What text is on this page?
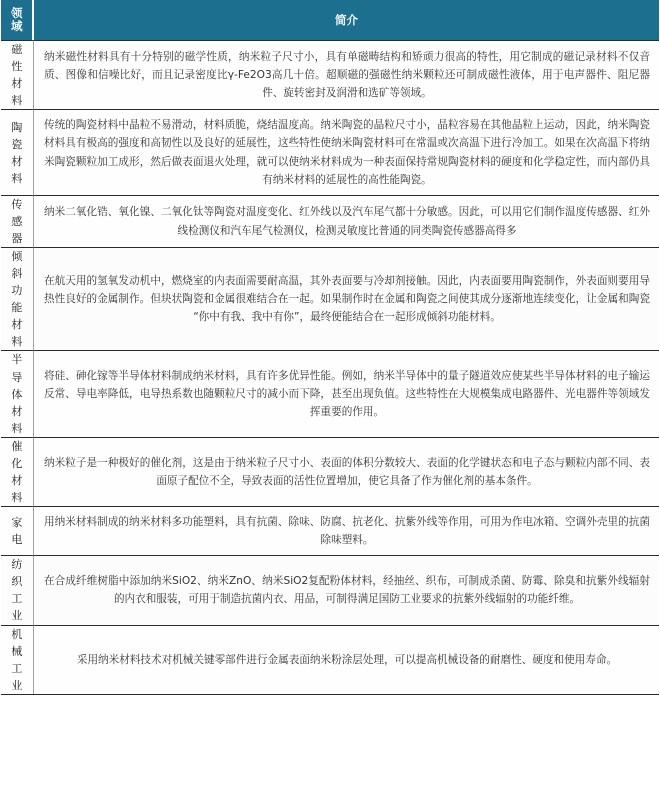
领域	简介

磁性材料	纳米磁性材料具有十分特别的磁学性质，纳米粒子尺寸小，具有单磁畴结构和矫顽力很高的特性，用它制成的磁记录材料不仅音质、图像和信噪比好，而且记录密度比γ-Fe2O3高几十倍。超顺磁的强磁性纳米颗粒还可制成磁性液体，用于电声器件、阻尼器件、旋转密封及润滑和选矿等领域。

陶瓷材料	传统的陶瓷材料中晶粒不易滑动，材料质脆，烧结温度高。纳米陶瓷的晶粒尺寸小，晶粒容易在其他晶粒上运动，因此，纳米陶瓷材料具有极高的强度和高韧性以及良好的延展性，这些特性使纳米陶瓷材料可在常温或次高温下进行冷加工。如果在次高温下将纳米陶瓷颗粒加工成形，然后做表面退火处理，就可以使纳米材料成为一种表面保持常规陶瓷材料的硬度和化学稳定性，而内部仍具有纳米材料的延展性的高性能陶瓷。

传感器	纳米二氧化锆、氧化镍、二氧化钛等陶瓷对温度变化、红外线以及汽车尾气都十分敏感。因此，可以用它们制作温度传感器、红外线检测仪和汽车尾气检测仪，检测灵敏度比普通的同类陶瓷传感器高得多

倾斜功能材料	在航天用的氢氧发动机中，燃烧室的内表面需要耐高温，其外表面要与冷却剂接触。因此，内表面要用陶瓷制作，外表面则要用导热性良好的金属制作。但块状陶瓷和金属很难结合在一起。如果制作时在金属和陶瓷之间使其成分逐渐地连续变化，让金属和陶瓷“你中有我、我中有你”，最终便能结合在一起形成倾斜功能材料。

半导体材料	将硅、砷化镓等半导体材料制成纳米材料，具有许多优异性能。例如，纳米半导体中的量子隧道效应使某些半导体材料的电子输运反常、导电率降低，电导热系数也随颗粒尺寸的减小而下降，甚至出现负值。这些特性在大规模集成电路器件、光电器件等领域发挥重要的作用。

催化材料	纳米粒子是一种极好的催化剂，这是由于纳米粒子尺寸小、表面的体积分数较大、表面的化学键状态和电子态与颗粒内部不同、表面原子配位不全，导致表面的活性位置增加，使它具备了作为催化剂的基本条件。

家电	用纳米材料制成的纳米材料多功能塑料，具有抗菌、除味、防腐、抗老化、抗紫外线等作用，可用为作电冰箱、空调外壳里的抗菌除味塑料。

纺织工业	在合成纤维树脂中添加纳米SiO2、纳米ZnO、纳米SiO2复配粉体材料，经抽丝、织布，可制成杀菌、防霉、除臭和抗紫外线辐射的内衣和服装，可用于制造抗菌内衣、用品，可制得满足国防工业要求的抗紫外线辐射的功能纤维。

机械工业	采用纳米材料技术对机械关键零部件进行金属表面纳米粉涂层处理，可以提高机械设备的耐磨性、硬度和使用寿命。
